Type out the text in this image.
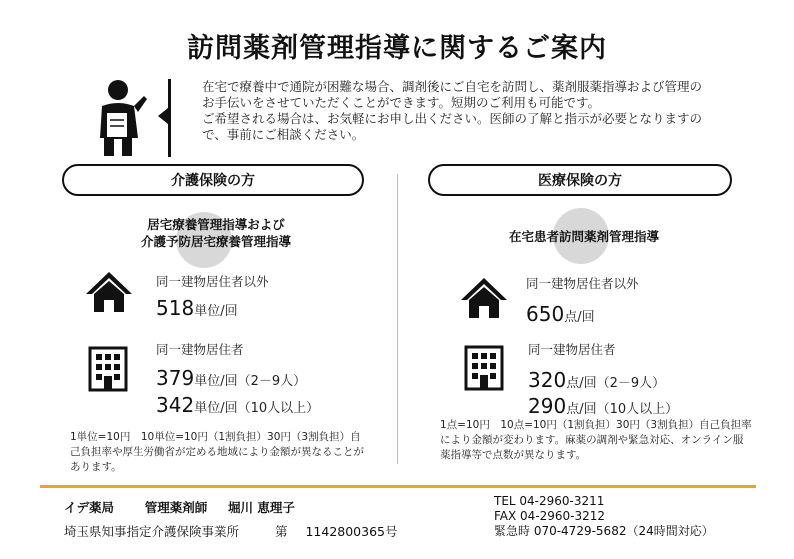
訪問薬剤管理指導に関するご案内

在宅で療養中で通院が困難な場合、調剤後にご自宅を訪問し、薬剤服薬指導および管理のお手伝いをさせていただくことができます。短期のご利用も可能です。

ご希望される場合は、お気軽にお申し出ください。医師の了解と指示が必要となりますので、事前にご相談ください。

介護保険の方	医療保険の方
居宅療養管理指導および
介護予防居宅療養管理指導
同一建物居住者以外
518単位/回
同一建物居住者
379単位/回（2－9人）
342単位/回（10人以上）
1単位=10円　10単位=10円（1割負担）30円（3割負担）自己負担率や厚生労働省が定める地域により金額が異なることがあります。
在宅患者訪問薬剤管理指導
同一建物居住者以外
650点/回
同一建物居住者
320点/回（2－9人）
290点/回（10人以上）
1点=10円　10点=10円（1割負担）30円（3割負担）自己負担率により金額が変わります。麻薬の調剤や緊急対応、オンライン服薬指導等で点数が異なります。
イデ薬局 管理薬剤師 堀川 恵理子
埼玉県知事指定介護保険事業所	第 1142800365号
TEL 04-2960-3211
FAX 04-2960-3212
緊急時 070-4729-5682（24時間対応）
